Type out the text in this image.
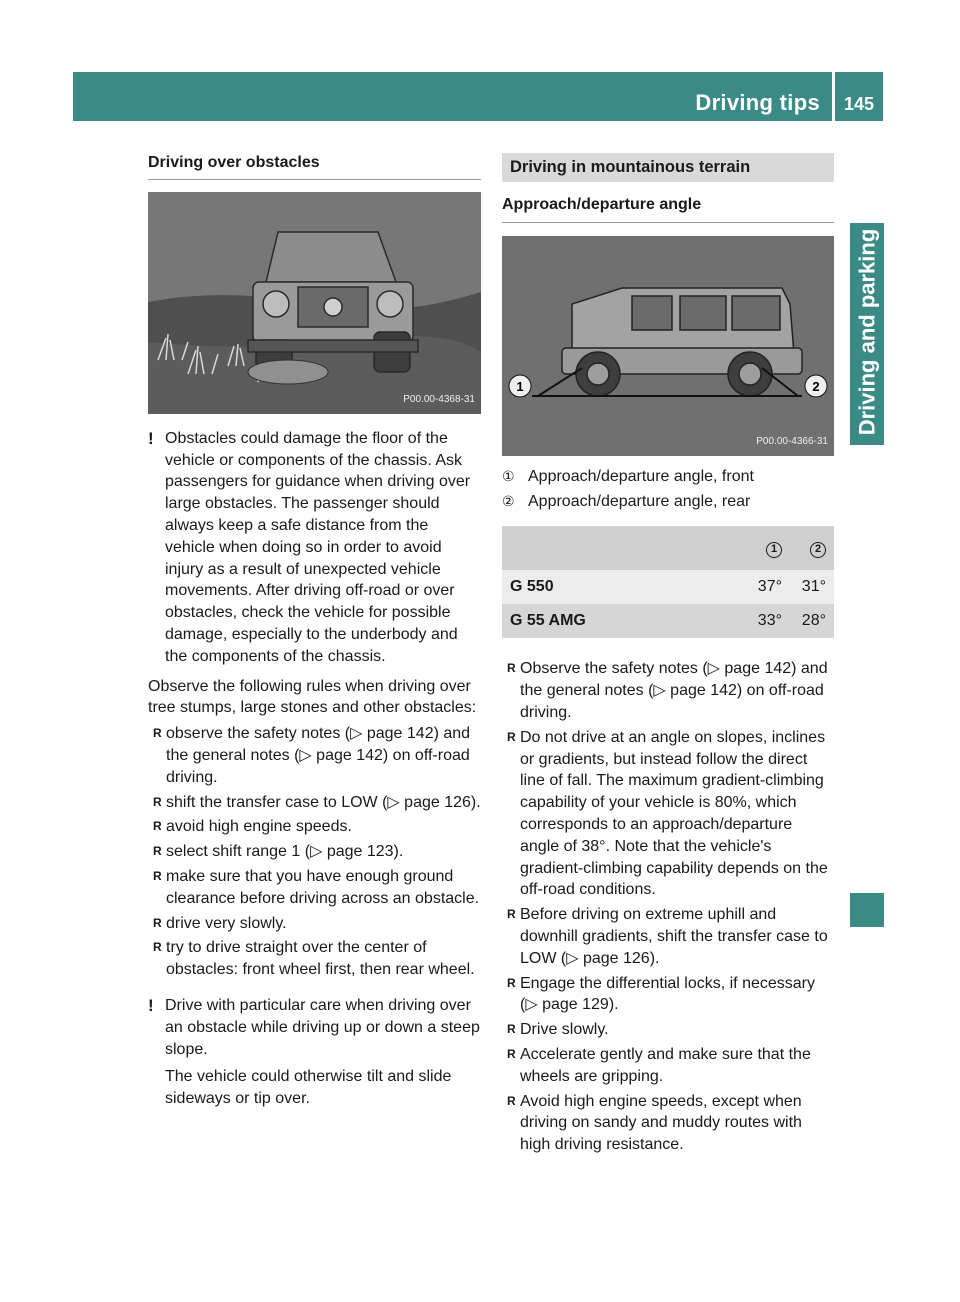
Driving tips 145
Driving and parking
Driving over obstacles
P00.00-4368-31
! Obstacles could damage the floor of the vehicle or components of the chassis. Ask passengers for guidance when driving over large obstacles. The passenger should always keep a safe distance from the vehicle when doing so in order to avoid injury as a result of unexpected vehicle movements. After driving off-road or over obstacles, check the vehicle for possible damage, especially to the underbody and the components of the chassis.

Observe the following rules when driving over tree stumps, large stones and other obstacles:

R observe the safety notes (▷ page 142) and the general notes (▷ page 142) on off-road driving.
R shift the transfer case to LOW (▷ page 126).
R avoid high engine speeds.
R select shift range 1 (▷ page 123).
R make sure that you have enough ground clearance before driving across an obstacle.
R drive very slowly.
R try to drive straight over the center of obstacles: front wheel first, then rear wheel.
! Drive with particular care when driving over an obstacle while driving up or down a steep slope.

The vehicle could otherwise tilt and slide sideways or tip over.

Driving in mountainous terrain
Approach/departure angle
1	2
P00.00-4366-31
① Approach/departure angle, front
② Approach/departure angle, rear
	1	2
G 550	37°	31°
G 55 AMG	33°	28°
R Observe the safety notes (▷ page 142) and the general notes (▷ page 142) on off-road driving.
R Do not drive at an angle on slopes, inclines or gradients, but instead follow the direct line of fall. The maximum gradient-climbing capability of your vehicle is 80%, which corresponds to an approach/departure angle of 38°. Note that the vehicle's gradient-climbing capability depends on the off-road conditions.
R Before driving on extreme uphill and downhill gradients, shift the transfer case to LOW (▷ page 126).
R Engage the differential locks, if necessary (▷ page 129).
R Drive slowly.
R Accelerate gently and make sure that the wheels are gripping.
R Avoid high engine speeds, except when driving on sandy and muddy routes with high driving resistance.
